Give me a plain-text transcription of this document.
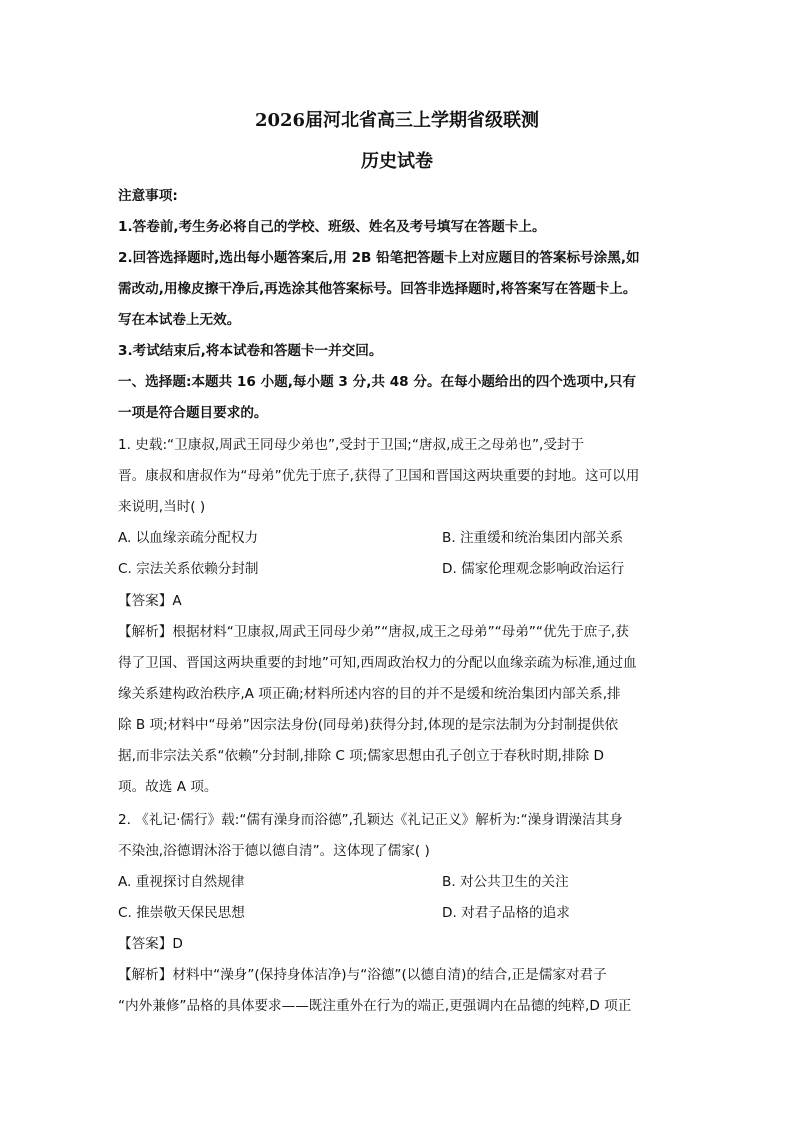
2026届河北省高三上学期省级联测
历史试卷
注意事项:
1.答卷前,考生务必将自己的学校、班级、姓名及考号填写在答题卡上。
2.回答选择题时,选出每小题答案后,用 2B 铅笔把答题卡上对应题目的答案标号涂黑,如
需改动,用橡皮擦干净后,再选涂其他答案标号。回答非选择题时,将答案写在答题卡上。
写在本试卷上无效。
3.考试结束后,将本试卷和答题卡一并交回。
一、选择题:本题共 16 小题,每小题 3 分,共 48 分。在每小题给出的四个选项中,只有
一项是符合题目要求的。
1. 史载:“卫康叔,周武王同母少弟也”,受封于卫国;“唐叔,成王之母弟也”,受封于
晋。康叔和唐叔作为“母弟”优先于庶子,获得了卫国和晋国这两块重要的封地。这可以用
来说明,当时( )
A. 以血缘亲疏分配权力	B. 注重缓和统治集团内部关系
C. 宗法关系依赖分封制	D. 儒家伦理观念影响政治运行
【答案】A
【解析】根据材料“卫康叔,周武王同母少弟”“唐叔,成王之母弟”“母弟”“优先于庶子,获
得了卫国、晋国这两块重要的封地”可知,西周政治权力的分配以血缘亲疏为标准,通过血
缘关系建构政治秩序,A 项正确;材料所述内容的目的并不是缓和统治集团内部关系,排
除 B 项;材料中“母弟”因宗法身份(同母弟)获得分封,体现的是宗法制为分封制提供依
据,而非宗法关系“依赖”分封制,排除 C 项;儒家思想由孔子创立于春秋时期,排除 D
项。故选 A 项。
2. 《礼记·儒行》载:“儒有澡身而浴德”,孔颖达《礼记正义》解析为:“澡身谓澡洁其身
不染浊,浴德谓沐浴于德以德自清”。这体现了儒家( )
A. 重视探讨自然规律	B. 对公共卫生的关注
C. 推崇敬天保民思想	D. 对君子品格的追求
【答案】D
【解析】材料中“澡身”(保持身体洁净)与“浴德”(以德自清)的结合,正是儒家对君子
“内外兼修”品格的具体要求——既注重外在行为的端正,更强调内在品德的纯粹,D 项正
